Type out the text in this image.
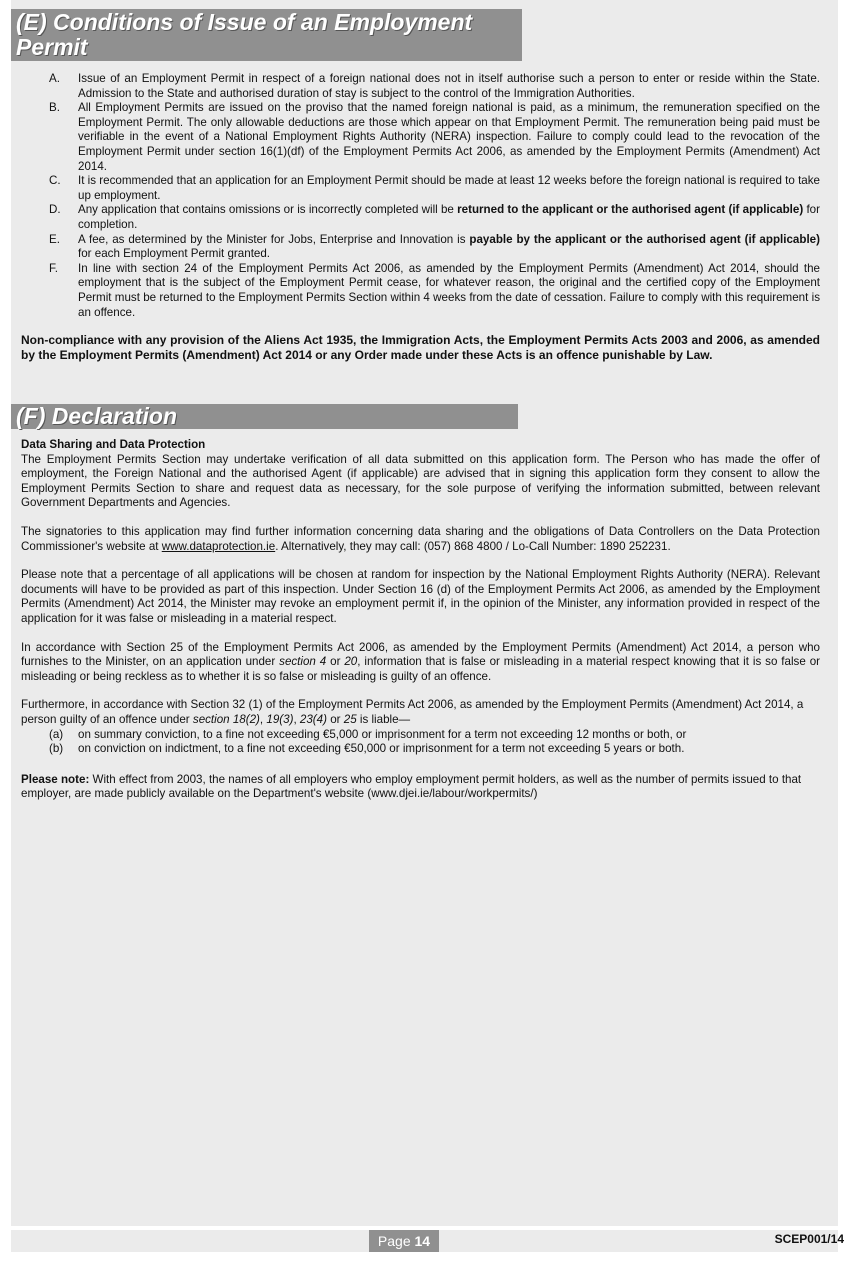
(E) Conditions of Issue of an Employment Permit
A. Issue of an Employment Permit in respect of a foreign national does not in itself authorise such a person to enter or reside within the State. Admission to the State and authorised duration of stay is subject to the control of the Immigration Authorities.
B. All Employment Permits are issued on the proviso that the named foreign national is paid, as a minimum, the remuneration specified on the Employment Permit. The only allowable deductions are those which appear on that Employment Permit. The remuneration being paid must be verifiable in the event of a National Employment Rights Authority (NERA) inspection. Failure to comply could lead to the revocation of the Employment Permit under section 16(1)(df) of the Employment Permits Act 2006, as amended by the Employment Permits (Amendment) Act 2014.
C. It is recommended that an application for an Employment Permit should be made at least 12 weeks before the foreign national is required to take up employment.
D. Any application that contains omissions or is incorrectly completed will be returned to the applicant or the authorised agent (if applicable) for completion.
E. A fee, as determined by the Minister for Jobs, Enterprise and Innovation is payable by the applicant or the authorised agent (if applicable) for each Employment Permit granted.
F. In line with section 24 of the Employment Permits Act 2006, as amended by the Employment Permits (Amendment) Act 2014, should the employment that is the subject of the Employment Permit cease, for whatever reason, the original and the certified copy of the Employment Permit must be returned to the Employment Permits Section within 4 weeks from the date of cessation. Failure to comply with this requirement is an offence.
Non-compliance with any provision of the Aliens Act 1935, the Immigration Acts, the Employment Permits Acts 2003 and 2006, as amended by the Employment Permits (Amendment) Act 2014 or any Order made under these Acts is an offence punishable by Law.
(F) Declaration
Data Sharing and Data Protection

The Employment Permits Section may undertake verification of all data submitted on this application form. The Person who has made the offer of employment, the Foreign National and the authorised Agent (if applicable) are advised that in signing this application form they consent to allow the Employment Permits Section to share and request data as necessary, for the sole purpose of verifying the information submitted, between relevant Government Departments and Agencies.

The signatories to this application may find further information concerning data sharing and the obligations of Data Controllers on the Data Protection Commissioner's website at www.dataprotection.ie. Alternatively, they may call: (057) 868 4800 / Lo-Call Number: 1890 252231.

Please note that a percentage of all applications will be chosen at random for inspection by the National Employment Rights Authority (NERA). Relevant documents will have to be provided as part of this inspection. Under Section 16 (d) of the Employment Permits Act 2006, as amended by the Employment Permits (Amendment) Act 2014, the Minister may revoke an employment permit if, in the opinion of the Minister, any information provided in respect of the application for it was false or misleading in a material respect.

In accordance with Section 25 of the Employment Permits Act 2006, as amended by the Employment Permits (Amendment) Act 2014, a person who furnishes to the Minister, on an application under section 4 or 20, information that is false or misleading in a material respect knowing that it is so false or misleading or being reckless as to whether it is so false or misleading is guilty of an offence.

Furthermore, in accordance with Section 32 (1) of the Employment Permits Act 2006, as amended by the Employment Permits (Amendment) Act 2014, a person guilty of an offence under section 18(2), 19(3), 23(4) or 25 is liable—

(a) on summary conviction, to a fine not exceeding €5,000 or imprisonment for a term not exceeding 12 months or both, or
(b) on conviction on indictment, to a fine not exceeding €50,000 or imprisonment for a term not exceeding 5 years or both.

Please note: With effect from 2003, the names of all employers who employ employment permit holders, as well as the number of permits issued to that employer, are made publicly available on the Department's website (www.djei.ie/labour/workpermits/)

Page 14	SCEP001/14
